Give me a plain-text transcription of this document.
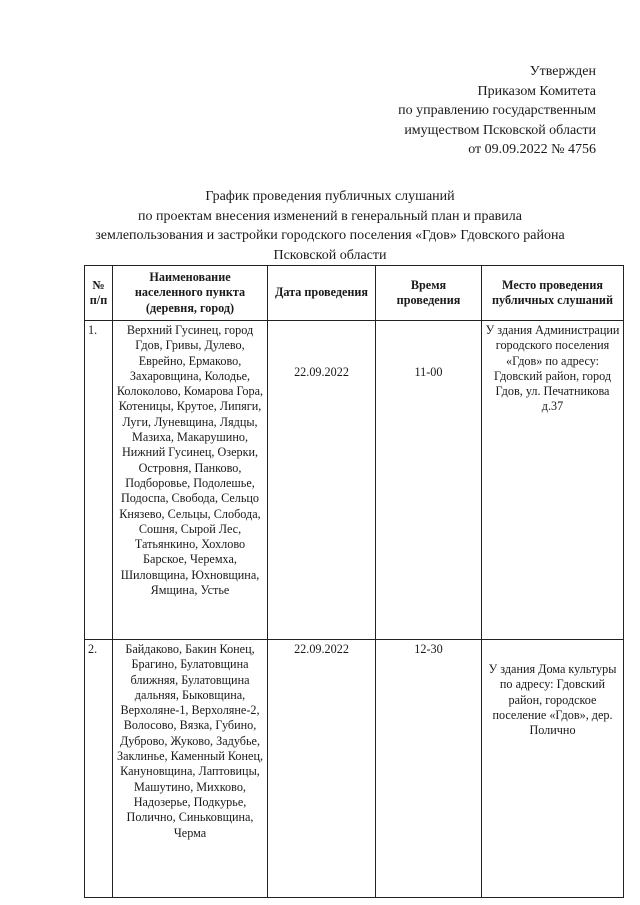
Утвержден
Приказом Комитета
по управлению государственным
имуществом Псковской области
от 09.09.2022 № 4756
График проведения публичных слушаний
по проектам внесения изменений в генеральный план и правила
землепользования и застройки городского поселения «Гдов» Гдовского района
Псковской области
№ п/п	Наименование населенного пункта (деревня, город)	Дата проведения	Время проведения	Место проведения публичных слушаний
1.	Верхний Гусинец, город Гдов, Гривы, Дулево, Еврейно, Ермаково, Захаровщина, Колодье, Колоколово, Комарова Гора, Котеницы, Крутое, Липяги, Луги, Луневщина, Лядцы, Мазиха, Макарушино, Нижний Гусинец, Озерки, Островня, Панково, Подборовье, Подолешье, Подоспа, Свобода, Сельцо Князево, Сельцы, Слобода, Сошня, Сырой Лес, Татьянкино, Хохлово Барское, Черемха, Шиловщина, Юхновщина, Ямщина, Устье	22.09.2022	11-00	У здания Администрации городского поселения «Гдов» по адресу: Гдовский район, город Гдов, ул. Печатникова д.37
2.	Байдаково, Бакин Конец, Брагино, Булатовщина ближняя, Булатовщина дальняя, Быковщина, Верхоляне-1, Верхоляне-2, Волосово, Вязка, Губино, Дуброво, Жуково, Задубье, Заклинье, Каменный Конец, Кануновщина, Лаптовицы, Машутино, Михково, Надозерье, Подкурье, Полично, Синьковщина, Черма	22.09.2022	12-30	У здания Дома культуры по адресу: Гдовский район, городское поселение «Гдов», дер. Полично
